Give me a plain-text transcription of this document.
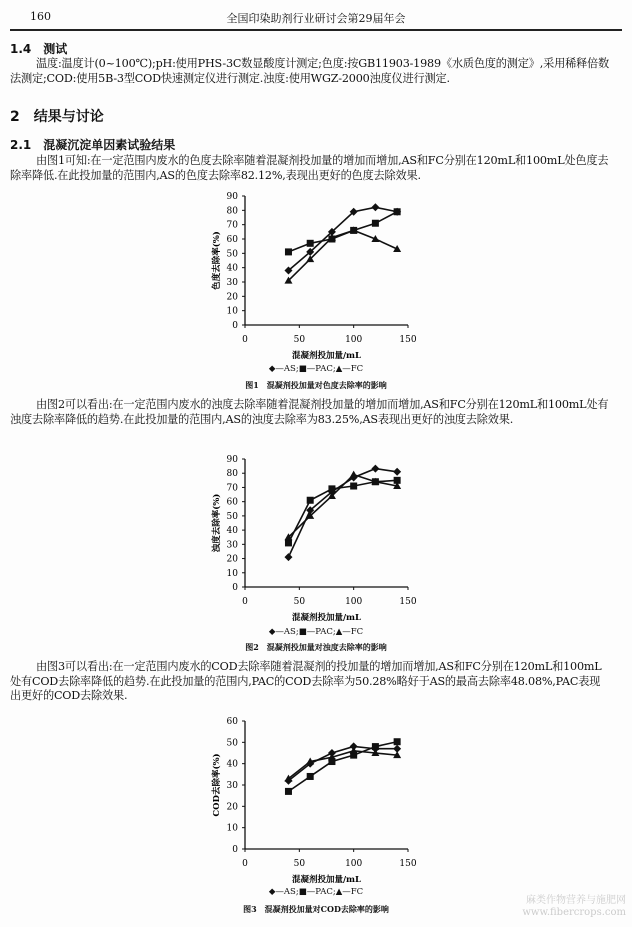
160	全国印染助剂行业研讨会第29届年会
1.4　测试
温度:温度计(0~100℃);pH:使用PHS-3C数显酸度计测定;色度:按GB11903-1989《水质色度的测定》,采用稀释倍数法测定;COD:使用5B-3型COD快速测定仪进行测定.浊度:使用WGZ-2000浊度仪进行测定.
2　结果与讨论
2.1　混凝沉淀单因素试验结果
由图1可知:在一定范围内废水的色度去除率随着混凝剂投加量的增加而增加,AS和FC分别在120mL和100mL处色度去除率降低.在此投加量的范围内,AS的色度去除率82.12%,表现出更好的色度去除效果.
0
10
20
30
40
50
60
70
80
90
0	50	100	150
混凝剂投加量/mL
色度去除率(%)
◆—AS;■—PAC;▲—FC
图1　混凝剂投加量对色度去除率的影响
由图2可以看出:在一定范围内废水的浊度去除率随着混凝剂投加量的增加而增加,AS和FC分别在120mL和100mL处有浊度去除率降低的趋势.在此投加量的范围内,AS的浊度去除率为83.25%,AS表现出更好的浊度去除效果.
0
10
20
30
40
50
60
70
80
90
0	50	100	150
混凝剂投加量/mL
浊度去除率(%)
◆—AS;■—PAC;▲—FC
图2　混凝剂投加量对浊度去除率的影响
由图3可以看出:在一定范围内废水的COD去除率随着混凝剂的投加量的增加而增加,AS和FC分别在120mL和100mL处有COD去除率降低的趋势.在此投加量的范围内,PAC的COD去除率为50.28%略好于AS的最高去除率48.08%,PAC表现出更好的COD去除效果.
0
10
20
30
40
50
60
0	50	100	150
混凝剂投加量/mL
COD去除率(%)
◆—AS;■—PAC;▲—FC
图3　混凝剂投加量对COD去除率的影响
麻类作物营养与施肥网
www.fibercrops.com
